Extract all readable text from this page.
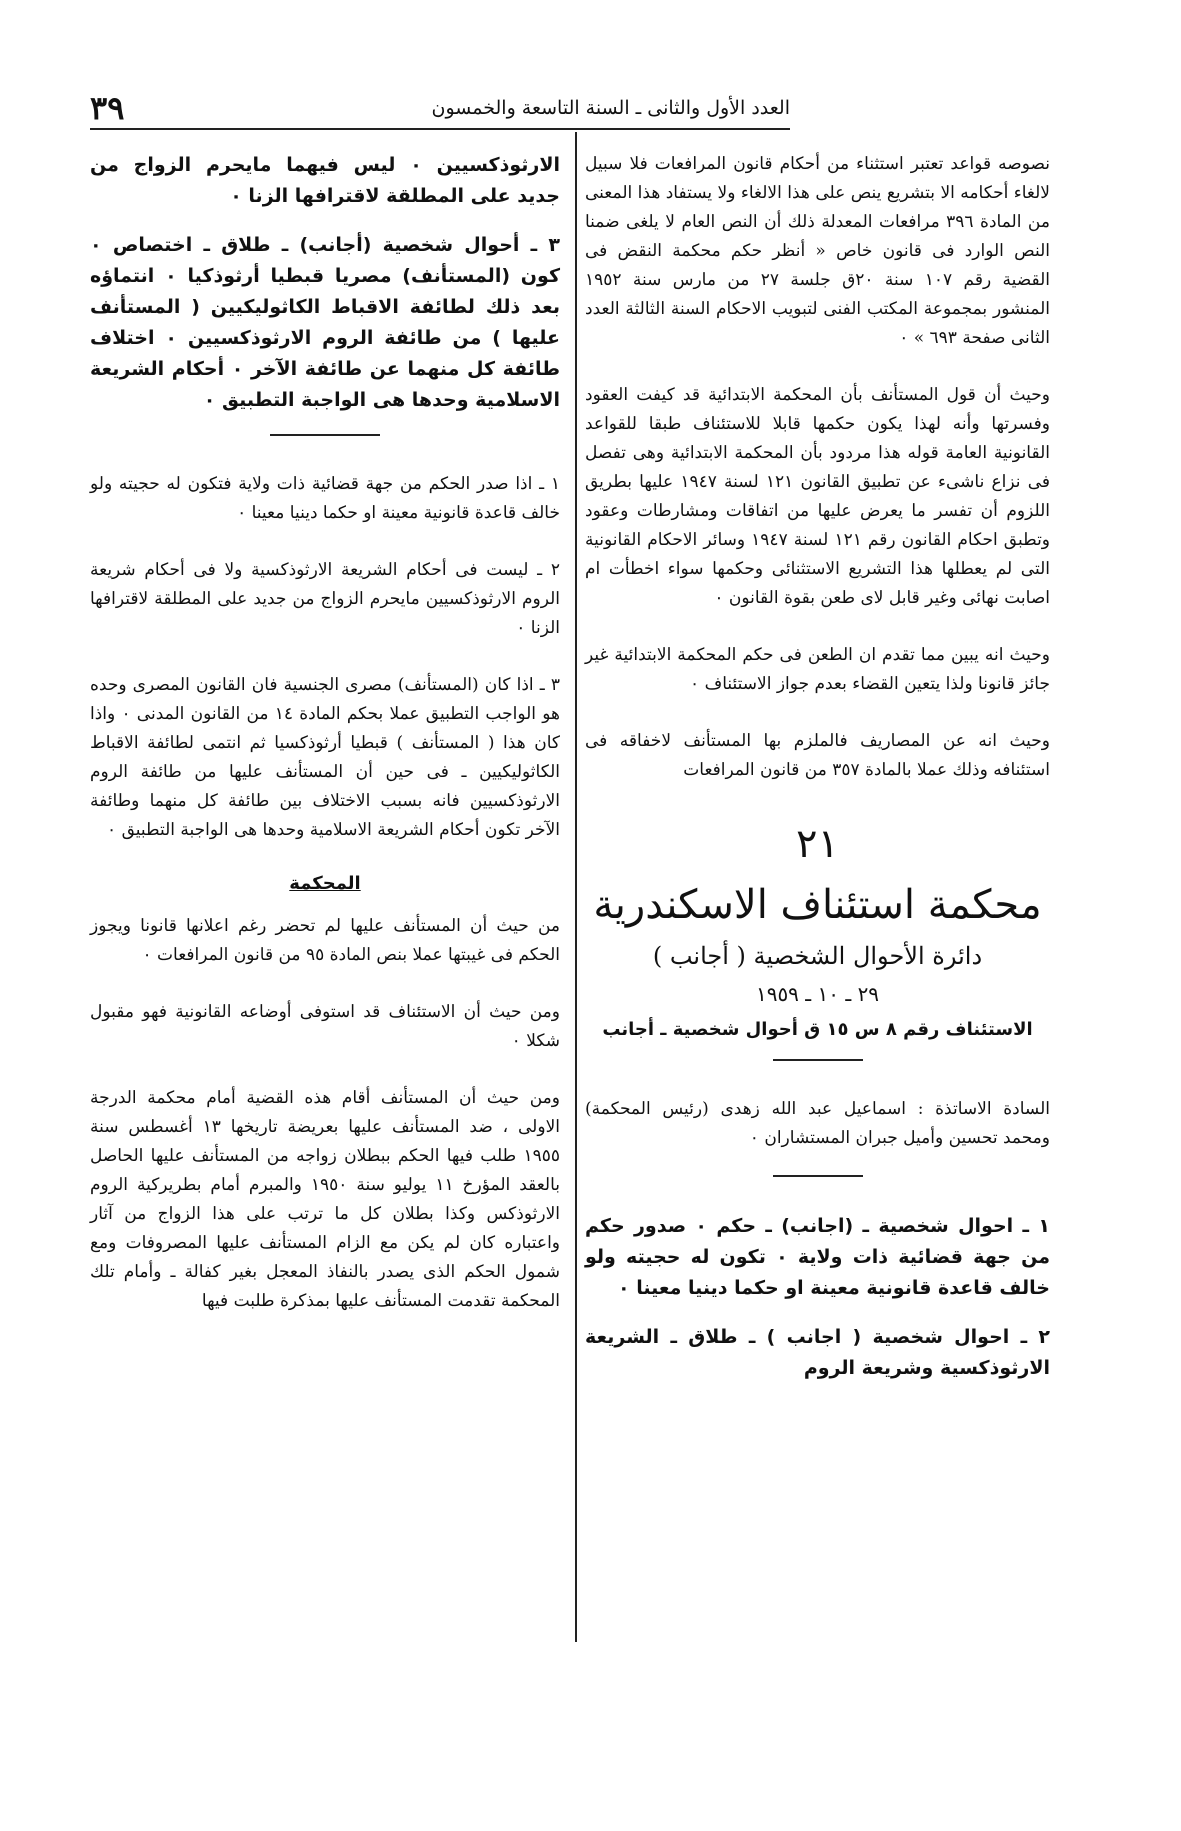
العدد الأول والثانى ـ السنة التاسعة والخمسون
٣٩

نصوصه قواعد تعتبر استثناء من أحكام قانون المرافعات فلا سبيل لالغاء أحكامه الا بتشريع ينص على هذا الالغاء ولا يستفاد هذا المعنى من المادة ٣٩٦ مرافعات المعدلة ذلك أن النص العام لا يلغى ضمنا النص الوارد فى قانون خاص « أنظر حكم محكمة النقض فى القضية رقم ١٠٧ سنة ٢٠ق جلسة ٢٧ من مارس سنة ١٩٥٢ المنشور بمجموعة المكتب الفنى لتبويب الاحكام السنة الثالثة العدد الثانى صفحة ٦٩٣ » ٠

وحيث أن قول المستأنف بأن المحكمة الابتدائية قد كيفت العقود وفسرتها وأنه لهذا يكون حكمها قابلا للاستئناف طبقا للقواعد القانونية العامة قوله هذا مردود بأن المحكمة الابتدائية وهى تفصل فى نزاع ناشىء عن تطبيق القانون ١٢١ لسنة ١٩٤٧ عليها بطريق اللزوم أن تفسر ما يعرض عليها من اتفاقات ومشارطات وعقود وتطبق احكام القانون رقم ١٢١ لسنة ١٩٤٧ وسائر الاحكام القانونية التى لم يعطلها هذا التشريع الاستثنائى وحكمها سواء اخطأت ام اصابت نهائى وغير قابل لاى طعن بقوة القانون ٠

وحيث انه يبين مما تقدم ان الطعن فى حكم المحكمة الابتدائية غير جائز قانونا ولذا يتعين القضاء بعدم جواز الاستئناف ٠

وحيث انه عن المصاريف فالملزم بها المستأنف لاخفاقه فى استئنافه وذلك عملا بالمادة ٣٥٧ من قانون المرافعات

٢١
محكمة استئناف الاسكندرية
دائرة الأحوال الشخصية ( أجانب )
٢٩ ـ ١٠ ـ ١٩٥٩
الاستئناف رقم ٨ س ١٥ ق أحوال شخصية ـ أجانب

السادة الاساتذة : اسماعيل عبد الله زهدى (رئيس المحكمة) ومحمد تحسين وأميل جبران المستشاران ٠

١ ـ احوال شخصية ـ (اجانب) ـ حكم ٠ صدور حكم من جهة قضائية ذات ولاية ٠ تكون له حجيته ولو خالف قاعدة قانونية معينة او حكما دينيا معينا ٠

٢ ـ احوال شخصية ( اجانب ) ـ طلاق ـ الشريعة الارثوذكسية وشريعة الروم

الارثوذكسيين ٠ ليس فيهما مايحرم الزواج من جديد على المطلقة لاقترافها الزنا ٠

٣ ـ أحوال شخصية (أجانب) ـ طلاق ـ اختصاص ٠ كون (المستأنف) مصريا قبطيا أرثوذكيا ٠ انتماؤه بعد ذلك لطائفة الاقباط الكاثوليكيين ( المستأنف عليها ) من طائفة الروم الارثوذكسيين ٠ اختلاف طائفة كل منهما عن طائفة الآخر ٠ أحكام الشريعة الاسلامية وحدها هى الواجبة التطبيق ٠

١ ـ اذا صدر الحكم من جهة قضائية ذات ولاية فتكون له حجيته ولو خالف قاعدة قانونية معينة او حكما دينيا معينا ٠

٢ ـ ليست فى أحكام الشريعة الارثوذكسية ولا فى أحكام شريعة الروم الارثوذكسيين مايحرم الزواج من جديد على المطلقة لاقترافها الزنا ٠

٣ ـ اذا كان (المستأنف) مصرى الجنسية فان القانون المصرى وحده هو الواجب التطبيق عملا بحكم المادة ١٤ من القانون المدنى ٠ واذا كان هذا ( المستأنف ) قبطيا أرثوذكسيا ثم انتمى لطائفة الاقباط الكاثوليكيين ـ فى حين أن المستأنف عليها من طائفة الروم الارثوذكسيين فانه بسبب الاختلاف بين طائفة كل منهما وطائفة الآخر تكون أحكام الشريعة الاسلامية وحدها هى الواجبة التطبيق ٠

المحكمة

من حيث أن المستأنف عليها لم تحضر رغم اعلانها قانونا ويجوز الحكم فى غيبتها عملا بنص المادة ٩٥ من قانون المرافعات ٠

ومن حيث أن الاستئناف قد استوفى أوضاعه القانونية فهو مقبول شكلا ٠

ومن حيث أن المستأنف أقام هذه القضية أمام محكمة الدرجة الاولى ، ضد المستأنف عليها بعريضة تاريخها ١٣ أغسطس سنة ١٩٥٥ طلب فيها الحكم ببطلان زواجه من المستأنف عليها الحاصل بالعقد المؤرخ ١١ يوليو سنة ١٩٥٠ والمبرم أمام بطريركية الروم الارثوذكس وكذا بطلان كل ما ترتب على هذا الزواج من آثار واعتباره كان لم يكن مع الزام المستأنف عليها المصروفات ومع شمول الحكم الذى يصدر بالنفاذ المعجل بغير كفالة ـ وأمام تلك المحكمة تقدمت المستأنف عليها بمذكرة طلبت فيها
